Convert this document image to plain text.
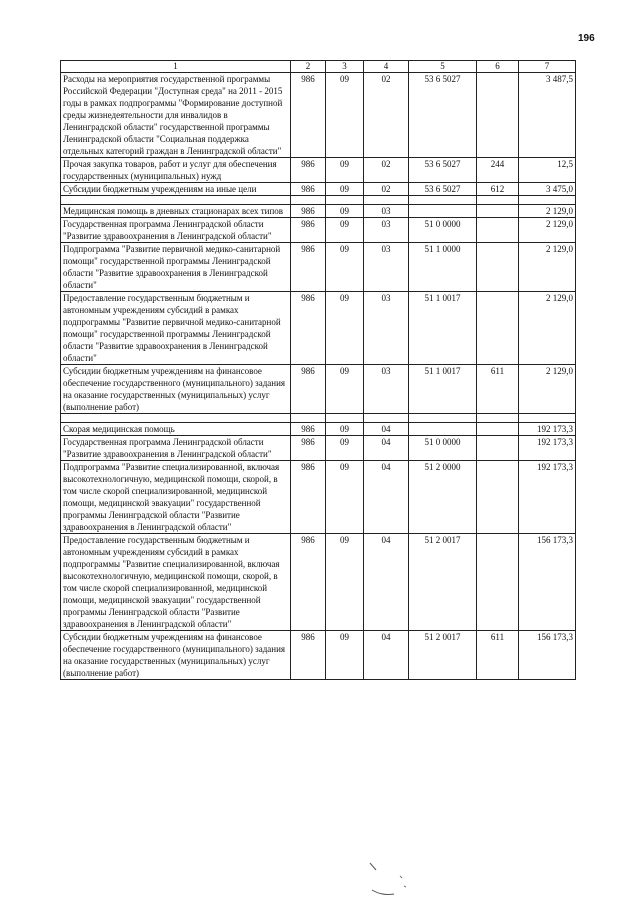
196
1	2	3	4	5	6	7
Расходы на мероприятия государственной программы Российской Федерации "Доступная среда" на 2011 - 2015 годы в рамках подпрограммы "Формирование доступной среды жизнедеятельности для инвалидов в Ленинградской области" государственной программы Ленинградской области "Социальная поддержка отдельных категорий граждан в Ленинградской области"	986	09	02	53 6 5027		3 487,5
Прочая закупка товаров, работ и услуг для обеспечения государственных (муниципальных) нужд	986	09	02	53 6 5027	244	12,5
Субсидии бюджетным учреждениям на иные цели	986	09	02	53 6 5027	612	3 475,0

Медицинская помощь в дневных стационарах всех типов	986	09	03			2 129,0
Государственная программа Ленинградской области "Развитие здравоохранения в Ленинградской области"	986	09	03	51 0 0000		2 129,0
Подпрограмма "Развитие первичной медико-санитарной помощи" государственной программы Ленинградской области "Развитие здравоохранения в Ленинградской области"	986	09	03	51 1 0000		2 129,0
Предоставление государственным бюджетным и автономным учреждениям субсидий в рамках подпрограммы "Развитие первичной медико-санитарной помощи" государственной программы Ленинградской области "Развитие здравоохранения в Ленинградской области"	986	09	03	51 1 0017		2 129,0
Субсидии бюджетным учреждениям на финансовое обеспечение государственного (муниципального) задания на оказание государственных (муниципальных) услуг (выполнение работ)	986	09	03	51 1 0017	611	2 129,0

Скорая медицинская помощь	986	09	04			192 173,3
Государственная программа Ленинградской области "Развитие здравоохранения в Ленинградской области"	986	09	04	51 0 0000		192 173,3
Подпрограмма "Развитие специализированной, включая высокотехнологичную, медицинской помощи, скорой, в том числе скорой специализированной, медицинской помощи, медицинской эвакуации" государственной программы Ленинградской области "Развитие здравоохранения в Ленинградской области"	986	09	04	51 2 0000		192 173,3
Предоставление государственным бюджетным и автономным учреждениям субсидий в рамках подпрограммы "Развитие специализированной, включая высокотехнологичную, медицинской помощи, скорой, в том числе скорой специализированной, медицинской помощи, медицинской эвакуации" государственной программы Ленинградской области "Развитие здравоохранения в Ленинградской области"	986	09	04	51 2 0017		156 173,3
Субсидии бюджетным учреждениям на финансовое обеспечение государственного (муниципального) задания на оказание государственных (муниципальных) услуг (выполнение работ)	986	09	04	51 2 0017	611	156 173,3
